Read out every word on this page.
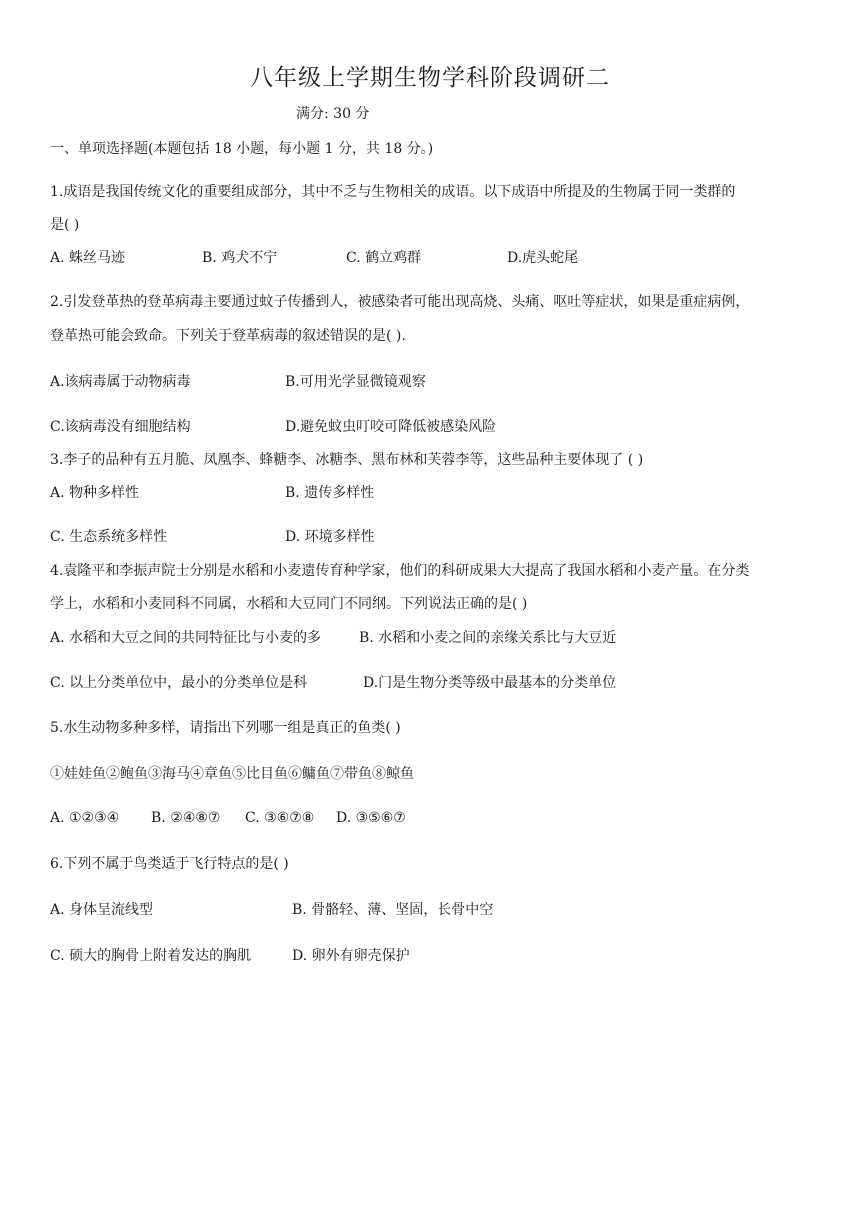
八年级上学期生物学科阶段调研二
满分: 30 分
一、单项选择题(本题包括 18 小题，每小题 1 分，共 18 分。)
1.成语是我国传统文化的重要组成部分，其中不乏与生物相关的成语。以下成语中所提及的生物属于同一类群的
是( )
A. 蛛丝马迹	B. 鸡犬不宁	C. 鹤立鸡群	D.虎头蛇尾
2.引发登革热的登革病毒主要通过蚊子传播到人，被感染者可能出现高烧、头痛、呕吐等症状，如果是重症病例，
登革热可能会致命。下列关于登革病毒的叙述错误的是( ).
A.该病毒属于动物病毒	B.可用光学显微镜观察
C.该病毒没有细胞结构	D.避免蚊虫叮咬可降低被感染风险
3.李子的品种有五月脆、凤凰李、蜂糖李、冰糖李、黑布林和芙蓉李等，这些品种主要体现了 ( )
A. 物种多样性	B. 遗传多样性
C. 生态系统多样性	D. 环境多样性
4.袁隆平和李振声院士分别是水稻和小麦遗传育种学家，他们的科研成果大大提高了我国水稻和小麦产量。在分类
学上，水稻和小麦同科不同属，水稻和大豆同门不同纲。下列说法正确的是( )
A. 水稻和大豆之间的共同特征比与小麦的多	B. 水稻和小麦之间的亲缘关系比与大豆近
C. 以上分类单位中，最小的分类单位是科	D.门是生物分类等级中最基本的分类单位
5.水生动物多种多样，请指出下列哪一组是真正的鱼类( )
①娃娃鱼②鲍鱼③海马④章鱼⑤比目鱼⑥鳙鱼⑦带鱼⑧鲸鱼
A. ①②③④ B. ②④⑧⑦ C. ③⑥⑦⑧ D. ③⑤⑥⑦
6.下列不属于鸟类适于飞行特点的是( )
A. 身体呈流线型	B. 骨骼轻、薄、坚固，长骨中空
C. 硕大的胸骨上附着发达的胸肌	D. 卵外有卵壳保护
